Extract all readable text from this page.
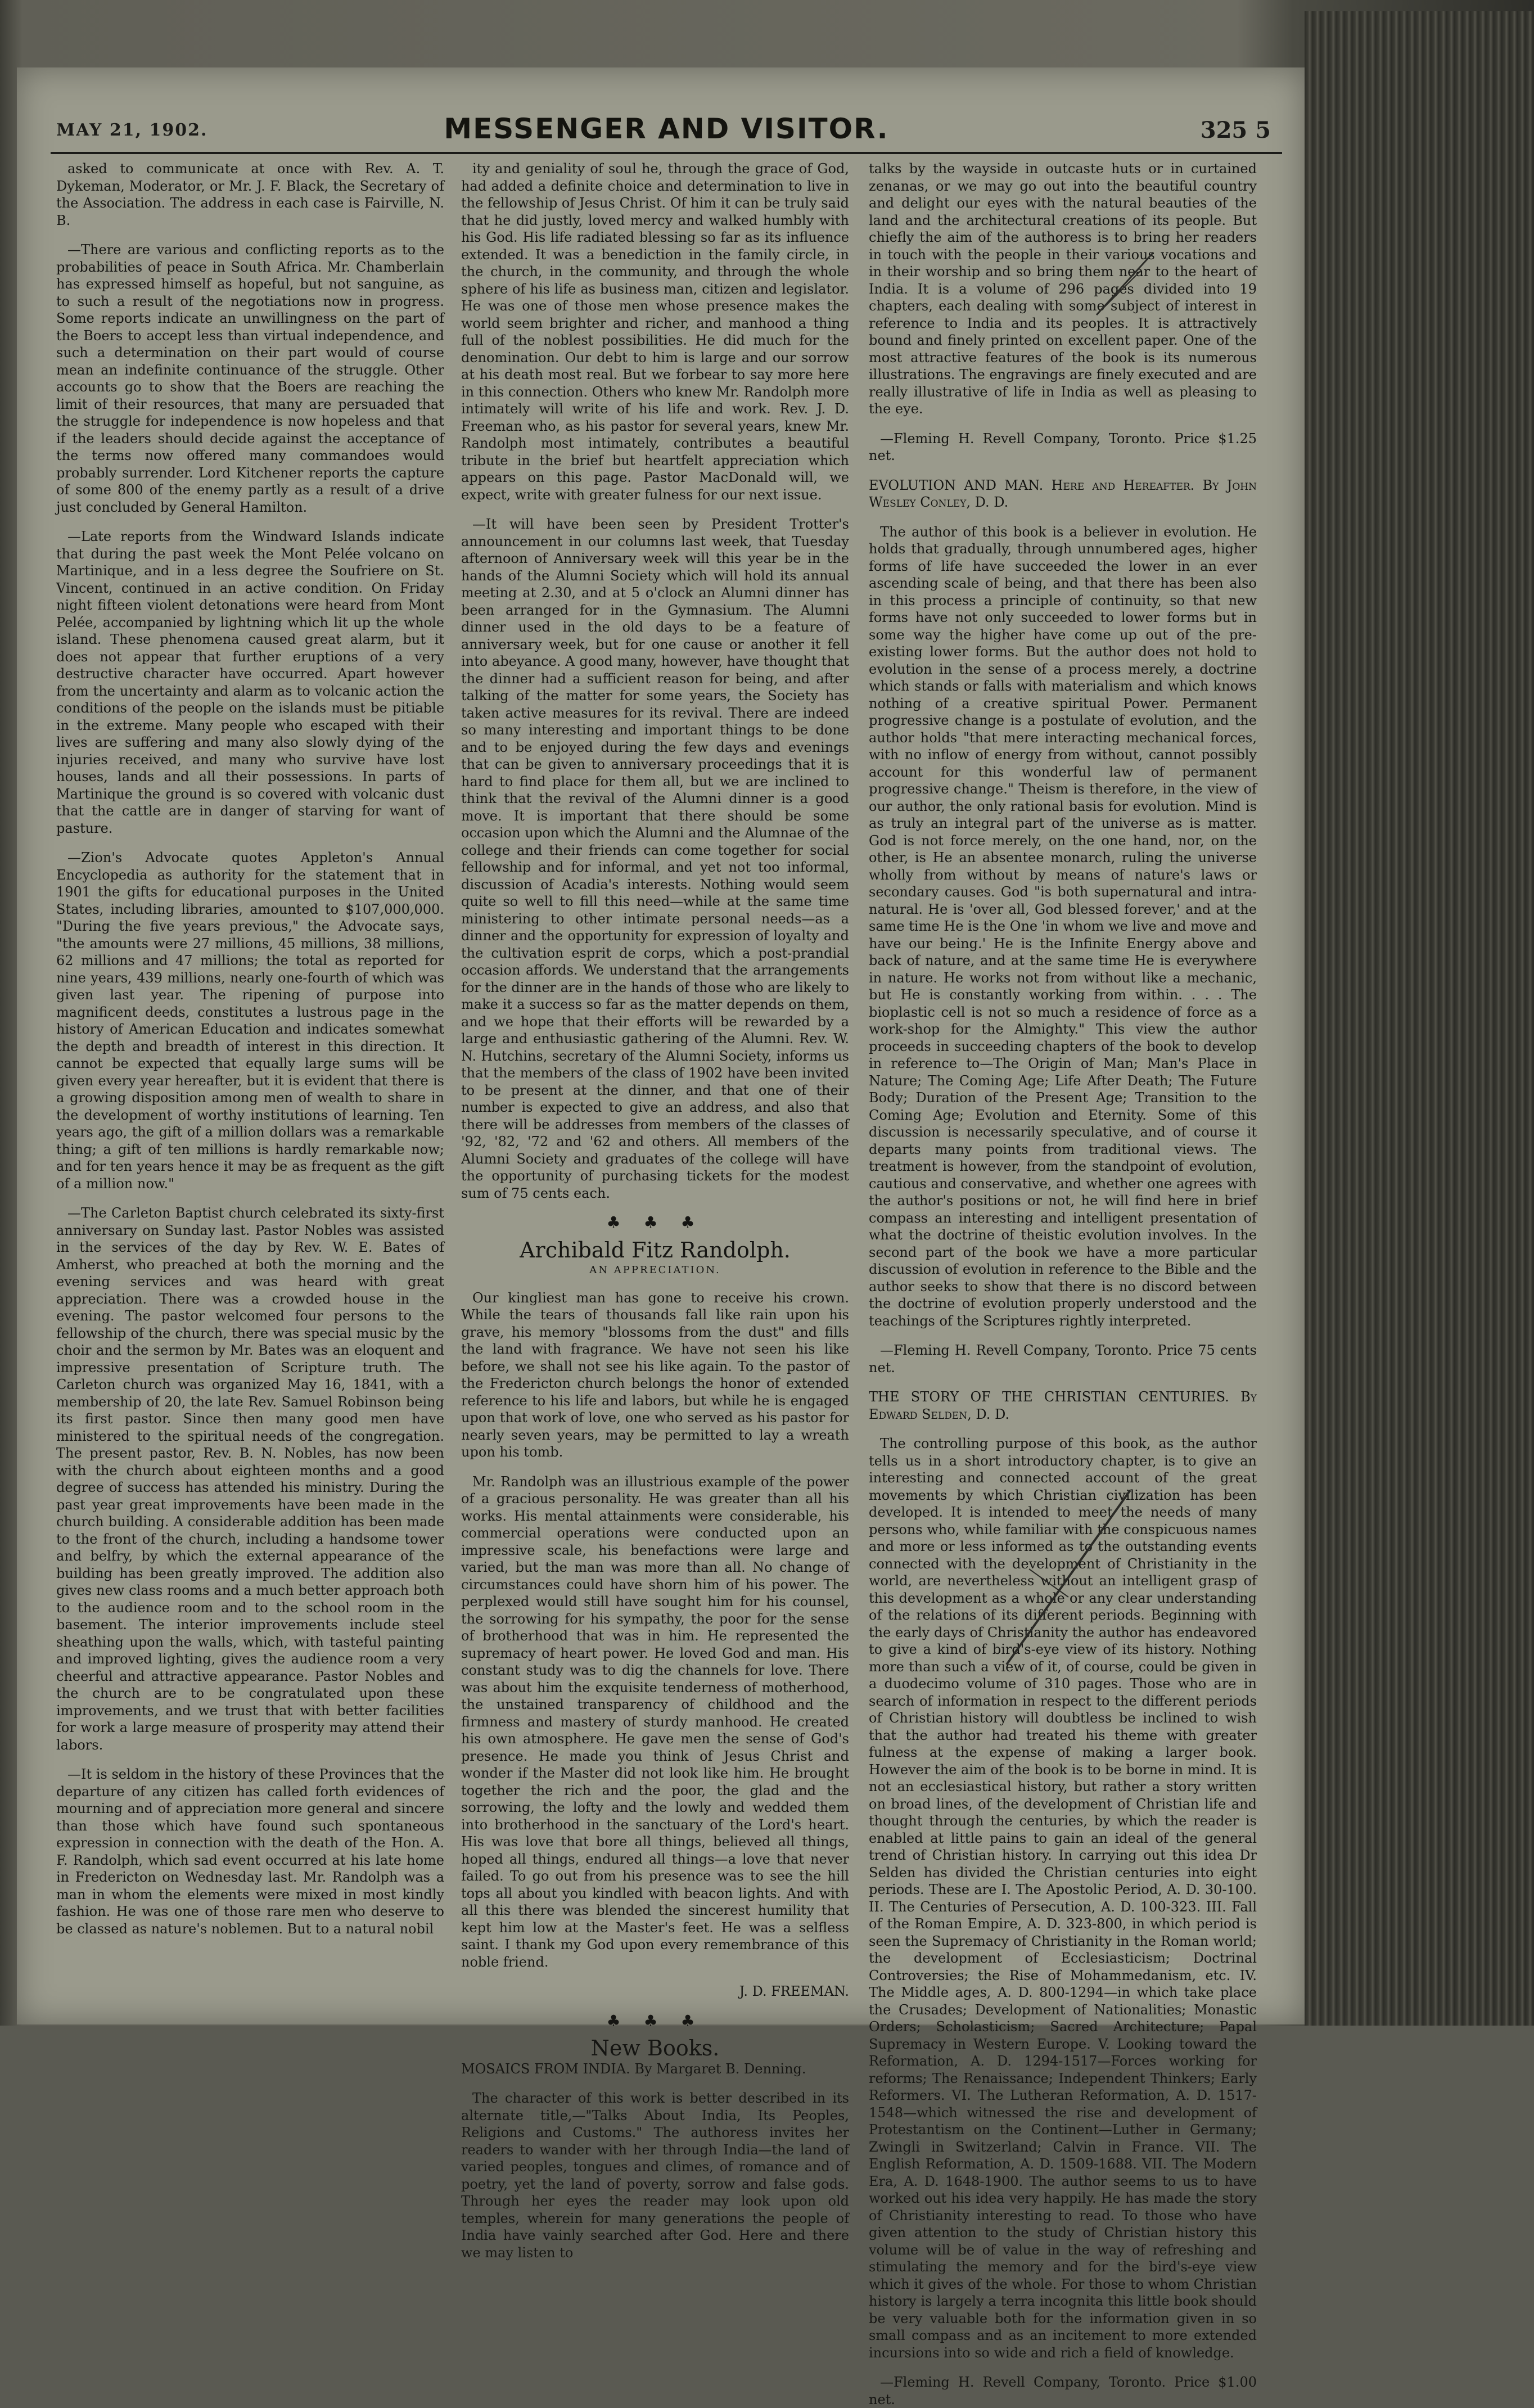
MAY 21, 1902.	MESSENGER AND VISITOR.	325 5

asked to communicate at once with Rev. A. T. Dykeman, Moderator, or Mr. J. F. Black, the Secretary of the Association. The address in each case is Fairville, N. B.

—There are various and conflicting reports as to the probabilities of peace in South Africa. Mr. Chamberlain has expressed himself as hopeful, but not sanguine, as to such a result of the negotiations now in progress. Some reports indicate an unwillingness on the part of the Boers to accept less than virtual independence, and such a determination on their part would of course mean an indefinite continuance of the struggle. Other accounts go to show that the Boers are reaching the limit of their resources, that many are persuaded that the struggle for independence is now hopeless and that if the leaders should decide against the acceptance of the terms now offered many commandoes would probably surrender. Lord Kitchener reports the capture of some 800 of the enemy partly as a result of a drive just concluded by General Hamilton.

—Late reports from the Windward Islands indicate that during the past week the Mont Pelée volcano on Martinique, and in a less degree the Soufriere on St. Vincent, continued in an active condition. On Friday night fifteen violent detonations were heard from Mont Pelée, accompanied by lightning which lit up the whole island. These phenomena caused great alarm, but it does not appear that further eruptions of a very destructive character have occurred. Apart however from the uncertainty and alarm as to volcanic action the conditions of the people on the islands must be pitiable in the extreme. Many people who escaped with their lives are suffering and many also slowly dying of the injuries received, and many who survive have lost houses, lands and all their possessions. In parts of Martinique the ground is so covered with volcanic dust that the cattle are in danger of starving for want of pasture.

—Zion's Advocate quotes Appleton's Annual Encyclopedia as authority for the statement that in 1901 the gifts for educational purposes in the United States, including libraries, amounted to $107,000,000. "During the five years previous," the Advocate says, "the amounts were 27 millions, 45 millions, 38 millions, 62 millions and 47 millions; the total as reported for nine years, 439 millions, nearly one-fourth of which was given last year. The ripening of purpose into magnificent deeds, constitutes a lustrous page in the history of American Education and indicates somewhat the depth and breadth of interest in this direction. It cannot be expected that equally large sums will be given every year hereafter, but it is evident that there is a growing disposition among men of wealth to share in the development of worthy institutions of learning. Ten years ago, the gift of a million dollars was a remarkable thing; a gift of ten millions is hardly remarkable now; and for ten years hence it may be as frequent as the gift of a million now."

—The Carleton Baptist church celebrated its sixty-first anniversary on Sunday last. Pastor Nobles was assisted in the services of the day by Rev. W. E. Bates of Amherst, who preached at both the morning and the evening services and was heard with great appreciation. There was a crowded house in the evening. The pastor welcomed four persons to the fellowship of the church, there was special music by the choir and the sermon by Mr. Bates was an eloquent and impressive presentation of Scripture truth. The Carleton church was organized May 16, 1841, with a membership of 20, the late Rev. Samuel Robinson being its first pastor. Since then many good men have ministered to the spiritual needs of the congregation. The present pastor, Rev. B. N. Nobles, has now been with the church about eighteen months and a good degree of success has attended his ministry. During the past year great improvements have been made in the church building. A considerable addition has been made to the front of the church, including a handsome tower and belfry, by which the external appearance of the building has been greatly improved. The addition also gives new class rooms and a much better approach both to the audience room and to the school room in the basement. The interior improvements include steel sheathing upon the walls, which, with tasteful painting and improved lighting, gives the audience room a very cheerful and attractive appearance. Pastor Nobles and the church are to be congratulated upon these improvements, and we trust that with better facilities for work a large measure of prosperity may attend their labors.

—It is seldom in the history of these Provinces that the departure of any citizen has called forth evidences of mourning and of appreciation more general and sincere than those which have found such spontaneous expression in connection with the death of the Hon. A. F. Randolph, which sad event occurred at his late home in Fredericton on Wednesday last. Mr. Randolph was a man in whom the elements were mixed in most kindly fashion. He was one of those rare men who deserve to be classed as nature's noblemen. But to a natural nobil

ity and geniality of soul he, through the grace of God, had added a definite choice and determination to live in the fellowship of Jesus Christ. Of him it can be truly said that he did justly, loved mercy and walked humbly with his God. His life radiated blessing so far as its influence extended. It was a benediction in the family circle, in the church, in the community, and through the whole sphere of his life as business man, citizen and legislator. He was one of those men whose presence makes the world seem brighter and richer, and manhood a thing full of the noblest possibilities. He did much for the denomination. Our debt to him is large and our sorrow at his death most real. But we forbear to say more here in this connection. Others who knew Mr. Randolph more intimately will write of his life and work. Rev. J. D. Freeman who, as his pastor for several years, knew Mr. Randolph most intimately, contributes a beautiful tribute in the brief but heartfelt appreciation which appears on this page. Pastor MacDonald will, we expect, write with greater fulness for our next issue.

—It will have been seen by President Trotter's announcement in our columns last week, that Tuesday afternoon of Anniversary week will this year be in the hands of the Alumni Society which will hold its annual meeting at 2.30, and at 5 o'clock an Alumni dinner has been arranged for in the Gymnasium. The Alumni dinner used in the old days to be a feature of anniversary week, but for one cause or another it fell into abeyance. A good many, however, have thought that the dinner had a sufficient reason for being, and after talking of the matter for some years, the Society has taken active measures for its revival. There are indeed so many interesting and important things to be done and to be enjoyed during the few days and evenings that can be given to anniversary proceedings that it is hard to find place for them all, but we are inclined to think that the revival of the Alumni dinner is a good move. It is important that there should be some occasion upon which the Alumni and the Alumnae of the college and their friends can come together for social fellowship and for informal, and yet not too informal, discussion of Acadia's interests. Nothing would seem quite so well to fill this need—while at the same time ministering to other intimate personal needs—as a dinner and the opportunity for expression of loyalty and the cultivation esprit de corps, which a post-prandial occasion affords. We understand that the arrangements for the dinner are in the hands of those who are likely to make it a success so far as the matter depends on them, and we hope that their efforts will be rewarded by a large and enthusiastic gathering of the Alumni. Rev. W. N. Hutchins, secretary of the Alumni Society, informs us that the members of the class of 1902 have been invited to be present at the dinner, and that one of their number is expected to give an address, and also that there will be addresses from members of the classes of '92, '82, '72 and '62 and others. All members of the Alumni Society and graduates of the college will have the opportunity of purchasing tickets for the modest sum of 75 cents each.

♣ ♣ ♣
Archibald Fitz Randolph.
AN APPRECIATION.

Our kingliest man has gone to receive his crown. While the tears of thousands fall like rain upon his grave, his memory "blossoms from the dust" and fills the land with fragrance. We have not seen his like before, we shall not see his like again. To the pastor of the Fredericton church belongs the honor of extended reference to his life and labors, but while he is engaged upon that work of love, one who served as his pastor for nearly seven years, may be permitted to lay a wreath upon his tomb.

Mr. Randolph was an illustrious example of the power of a gracious personality. He was greater than all his works. His mental attainments were considerable, his commercial operations were conducted upon an impressive scale, his benefactions were large and varied, but the man was more than all. No change of circumstances could have shorn him of his power. The perplexed would still have sought him for his counsel, the sorrowing for his sympathy, the poor for the sense of brotherhood that was in him. He represented the supremacy of heart power. He loved God and man. His constant study was to dig the channels for love. There was about him the exquisite tenderness of motherhood, the unstained transparency of childhood and the firmness and mastery of sturdy manhood. He created his own atmosphere. He gave men the sense of God's presence. He made you think of Jesus Christ and wonder if the Master did not look like him. He brought together the rich and the poor, the glad and the sorrowing, the lofty and the lowly and wedded them into brotherhood in the sanctuary of the Lord's heart. His was love that bore all things, believed all things, hoped all things, endured all things—a love that never failed. To go out from his presence was to see the hill tops all about you kindled with beacon lights. And with all this there was blended the sincerest humility that kept him low at the Master's feet. He was a selfless saint. I thank my God upon every remembrance of this noble friend.

J. D. FREEMAN.

♣ ♣ ♣
New Books.

MOSAICS FROM INDIA. By Margaret B. Denning.

The character of this work is better described in its alternate title,—"Talks About India, Its Peoples, Religions and Customs." The authoress invites her readers to wander with her through India—the land of varied peoples, tongues and climes, of romance and of poetry, yet the land of poverty, sorrow and false gods. Through her eyes the reader may look upon old temples, wherein for many generations the people of India have vainly searched after God. Here and there we may listen to

talks by the wayside in outcaste huts or in curtained zenanas, or we may go out into the beautiful country and delight our eyes with the natural beauties of the land and the architectural creations of its people. But chiefly the aim of the authoress is to bring her readers in touch with the people in their various vocations and in their worship and so bring them near to the heart of India. It is a volume of 296 pages divided into 19 chapters, each dealing with some subject of interest in reference to India and its peoples. It is attractively bound and finely printed on excellent paper. One of the most attractive features of the book is its numerous illustrations. The engravings are finely executed and are really illustrative of life in India as well as pleasing to the eye.

—Fleming H. Revell Company, Toronto. Price $1.25 net.

EVOLUTION AND MAN. Here and Hereafter. By John Wesley Conley, D. D.

The author of this book is a believer in evolution. He holds that gradually, through unnumbered ages, higher forms of life have succeeded the lower in an ever ascending scale of being, and that there has been also in this process a principle of continuity, so that new forms have not only succeeded to lower forms but in some way the higher have come up out of the pre-existing lower forms. But the author does not hold to evolution in the sense of a process merely, a doctrine which stands or falls with materialism and which knows nothing of a creative spiritual Power. Permanent progressive change is a postulate of evolution, and the author holds "that mere interacting mechanical forces, with no inflow of energy from without, cannot possibly account for this wonderful law of permanent progressive change." Theism is therefore, in the view of our author, the only rational basis for evolution. Mind is as truly an integral part of the universe as is matter. God is not force merely, on the one hand, nor, on the other, is He an absentee monarch, ruling the universe wholly from without by means of nature's laws or secondary causes. God "is both supernatural and intra-natural. He is 'over all, God blessed forever,' and at the same time He is the One 'in whom we live and move and have our being.' He is the Infinite Energy above and back of nature, and at the same time He is everywhere in nature. He works not from without like a mechanic, but He is constantly working from within. . . . The bioplastic cell is not so much a residence of force as a work-shop for the Almighty." This view the author proceeds in succeeding chapters of the book to develop in reference to—The Origin of Man; Man's Place in Nature; The Coming Age; Life After Death; The Future Body; Duration of the Present Age; Transition to the Coming Age; Evolution and Eternity. Some of this discussion is necessarily speculative, and of course it departs many points from traditional views. The treatment is however, from the standpoint of evolution, cautious and conservative, and whether one agrees with the author's positions or not, he will find here in brief compass an interesting and intelligent presentation of what the doctrine of theistic evolution involves. In the second part of the book we have a more particular discussion of evolution in reference to the Bible and the author seeks to show that there is no discord between the doctrine of evolution properly understood and the teachings of the Scriptures rightly interpreted.

—Fleming H. Revell Company, Toronto. Price 75 cents net.

THE STORY OF THE CHRISTIAN CENTURIES. By Edward Selden, D. D.

The controlling purpose of this book, as the author tells us in a short introductory chapter, is to give an interesting and connected account of the great movements by which Christian civilization has been developed. It is intended to meet the needs of many persons who, while familiar with the conspicuous names and more or less informed as to the outstanding events connected with the development of Christianity in the world, are nevertheless without an intelligent grasp of this development as a whole or any clear understanding of the relations of its different periods. Beginning with the early days of Christianity the author has endeavored to give a kind of bird's-eye view of its history. Nothing more than such a view of it, of course, could be given in a duodecimo volume of 310 pages. Those who are in search of information in respect to the different periods of Christian history will doubtless be inclined to wish that the author had treated his theme with greater fulness at the expense of making a larger book. However the aim of the book is to be borne in mind. It is not an ecclesiastical history, but rather a story written on broad lines, of the development of Christian life and thought through the centuries, by which the reader is enabled at little pains to gain an ideal of the general trend of Christian history. In carrying out this idea Dr Selden has divided the Christian centuries into eight periods. These are I. The Apostolic Period, A. D. 30-100. II. The Centuries of Persecution, A. D. 100-323. III. Fall of the Roman Empire, A. D. 323-800, in which period is seen the Supremacy of Christianity in the Roman world; the development of Ecclesiasticism; Doctrinal Controversies; the Rise of Mohammedanism, etc. IV. The Middle ages, A. D. 800-1294—in which take place the Crusades; Development of Nationalities; Monastic Orders; Scholasticism; Sacred Architecture; Papal Supremacy in Western Europe. V. Looking toward the Reformation, A. D. 1294-1517—Forces working for reforms; The Renaissance; Independent Thinkers; Early Reformers. VI. The Lutheran Reformation, A. D. 1517-1548—which witnessed the rise and development of Protestantism on the Continent—Luther in Germany; Zwingli in Switzerland; Calvin in France. VII. The English Reformation, A. D. 1509-1688. VII. The Modern Era, A. D. 1648-1900. The author seems to us to have worked out his idea very happily. He has made the story of Christianity interesting to read. To those who have given attention to the study of Christian history this volume will be of value in the way of refreshing and stimulating the memory and for the bird's-eye view which it gives of the whole. For those to whom Christian history is largely a terra incognita this little book should be very valuable both for the information given in so small compass and as an incitement to more extended incursions into so wide and rich a field of knowledge.

—Fleming H. Revell Company, Toronto. Price $1.00 net.
